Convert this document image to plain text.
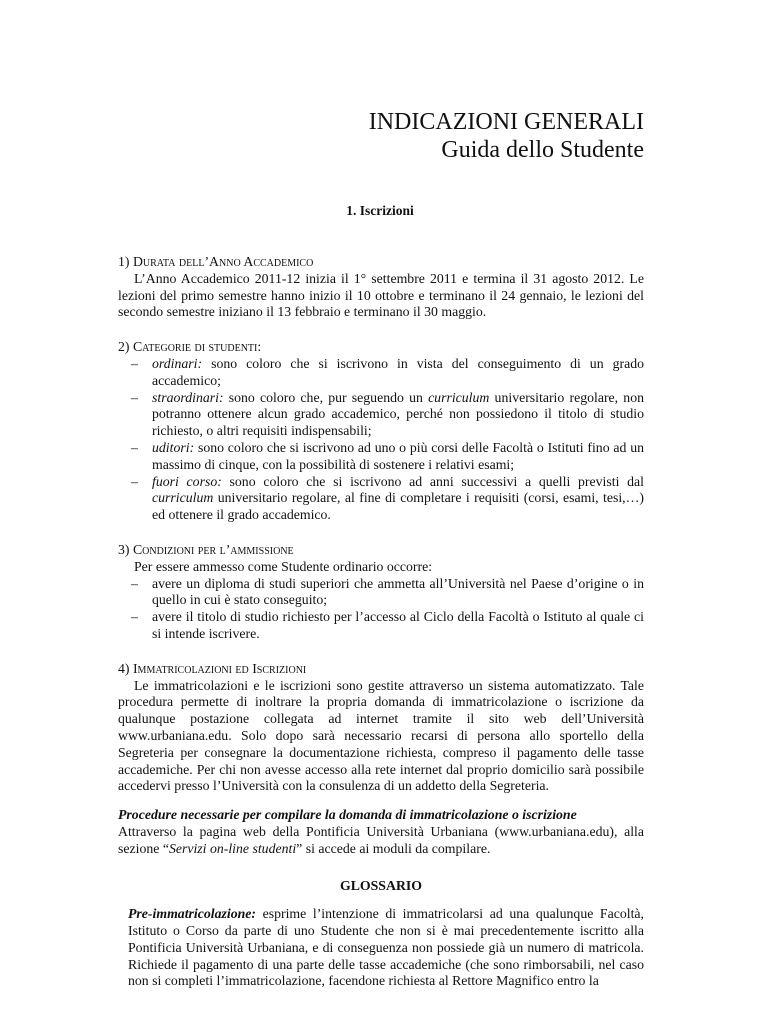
INDICAZIONI GENERALI
Guida dello Studente
1. Iscrizioni

1) Durata dell’Anno Accademico

L’Anno Accademico 2011-12 inizia il 1° settembre 2011 e termina il 31 agosto 2012. Le lezioni del primo semestre hanno inizio il 10 ottobre e terminano il 24 gennaio, le lezioni del secondo semestre iniziano il 13 febbraio e terminano il 30 maggio.

2) Categorie di studenti:

– ordinari: sono coloro che si iscrivono in vista del conseguimento di un grado accademico;
– straordinari: sono coloro che, pur seguendo un curriculum universitario regolare, non potranno ottenere alcun grado accademico, perché non possiedono il titolo di studio richiesto, o altri requisiti indispensabili;
– uditori: sono coloro che si iscrivono ad uno o più corsi delle Facoltà o Istituti fino ad un massimo di cinque, con la possibilità di sostenere i relativi esami;
– fuori corso: sono coloro che si iscrivono ad anni successivi a quelli previsti dal curriculum universitario regolare, al fine di completare i requisiti (corsi, esami, tesi,…) ed ottenere il grado accademico.

3) Condizioni per l’ammissione

Per essere ammesso come Studente ordinario occorre:

– avere un diploma di studi superiori che ammetta all’Università nel Paese d’origine o in quello in cui è stato conseguito;
– avere il titolo di studio richiesto per l’accesso al Ciclo della Facoltà o Istituto al quale ci si intende iscrivere.

4) Immatricolazioni ed Iscrizioni

Le immatricolazioni e le iscrizioni sono gestite attraverso un sistema automatizzato. Tale procedura permette di inoltrare la propria domanda di immatricolazione o iscrizione da qualunque postazione collegata ad internet tramite il sito web dell’Università www.urbaniana.edu. Solo dopo sarà necessario recarsi di persona allo sportello della Segreteria per consegnare la documentazione richiesta, compreso il pagamento delle tasse accademiche. Per chi non avesse accesso alla rete internet dal proprio domicilio sarà possibile accedervi presso l’Università con la consulenza di un addetto della Segreteria.

Procedure necessarie per compilare la domanda di immatricolazione o iscrizione

Attraverso la pagina web della Pontificia Università Urbaniana (www.urbaniana.edu), alla sezione “Servizi on-line studenti” si accede ai moduli da compilare.

GLOSSARIO

Pre-immatricolazione: esprime l’intenzione di immatricolarsi ad una qualunque Facoltà, Istituto o Corso da parte di uno Studente che non si è mai precedentemente iscritto alla Pontificia Università Urbaniana, e di conseguenza non possiede già un numero di matricola. Richiede il pagamento di una parte delle tasse accademiche (che sono rimborsabili, nel caso non si completi l’immatricolazione, facendone richiesta al Rettore Magnifico entro la
